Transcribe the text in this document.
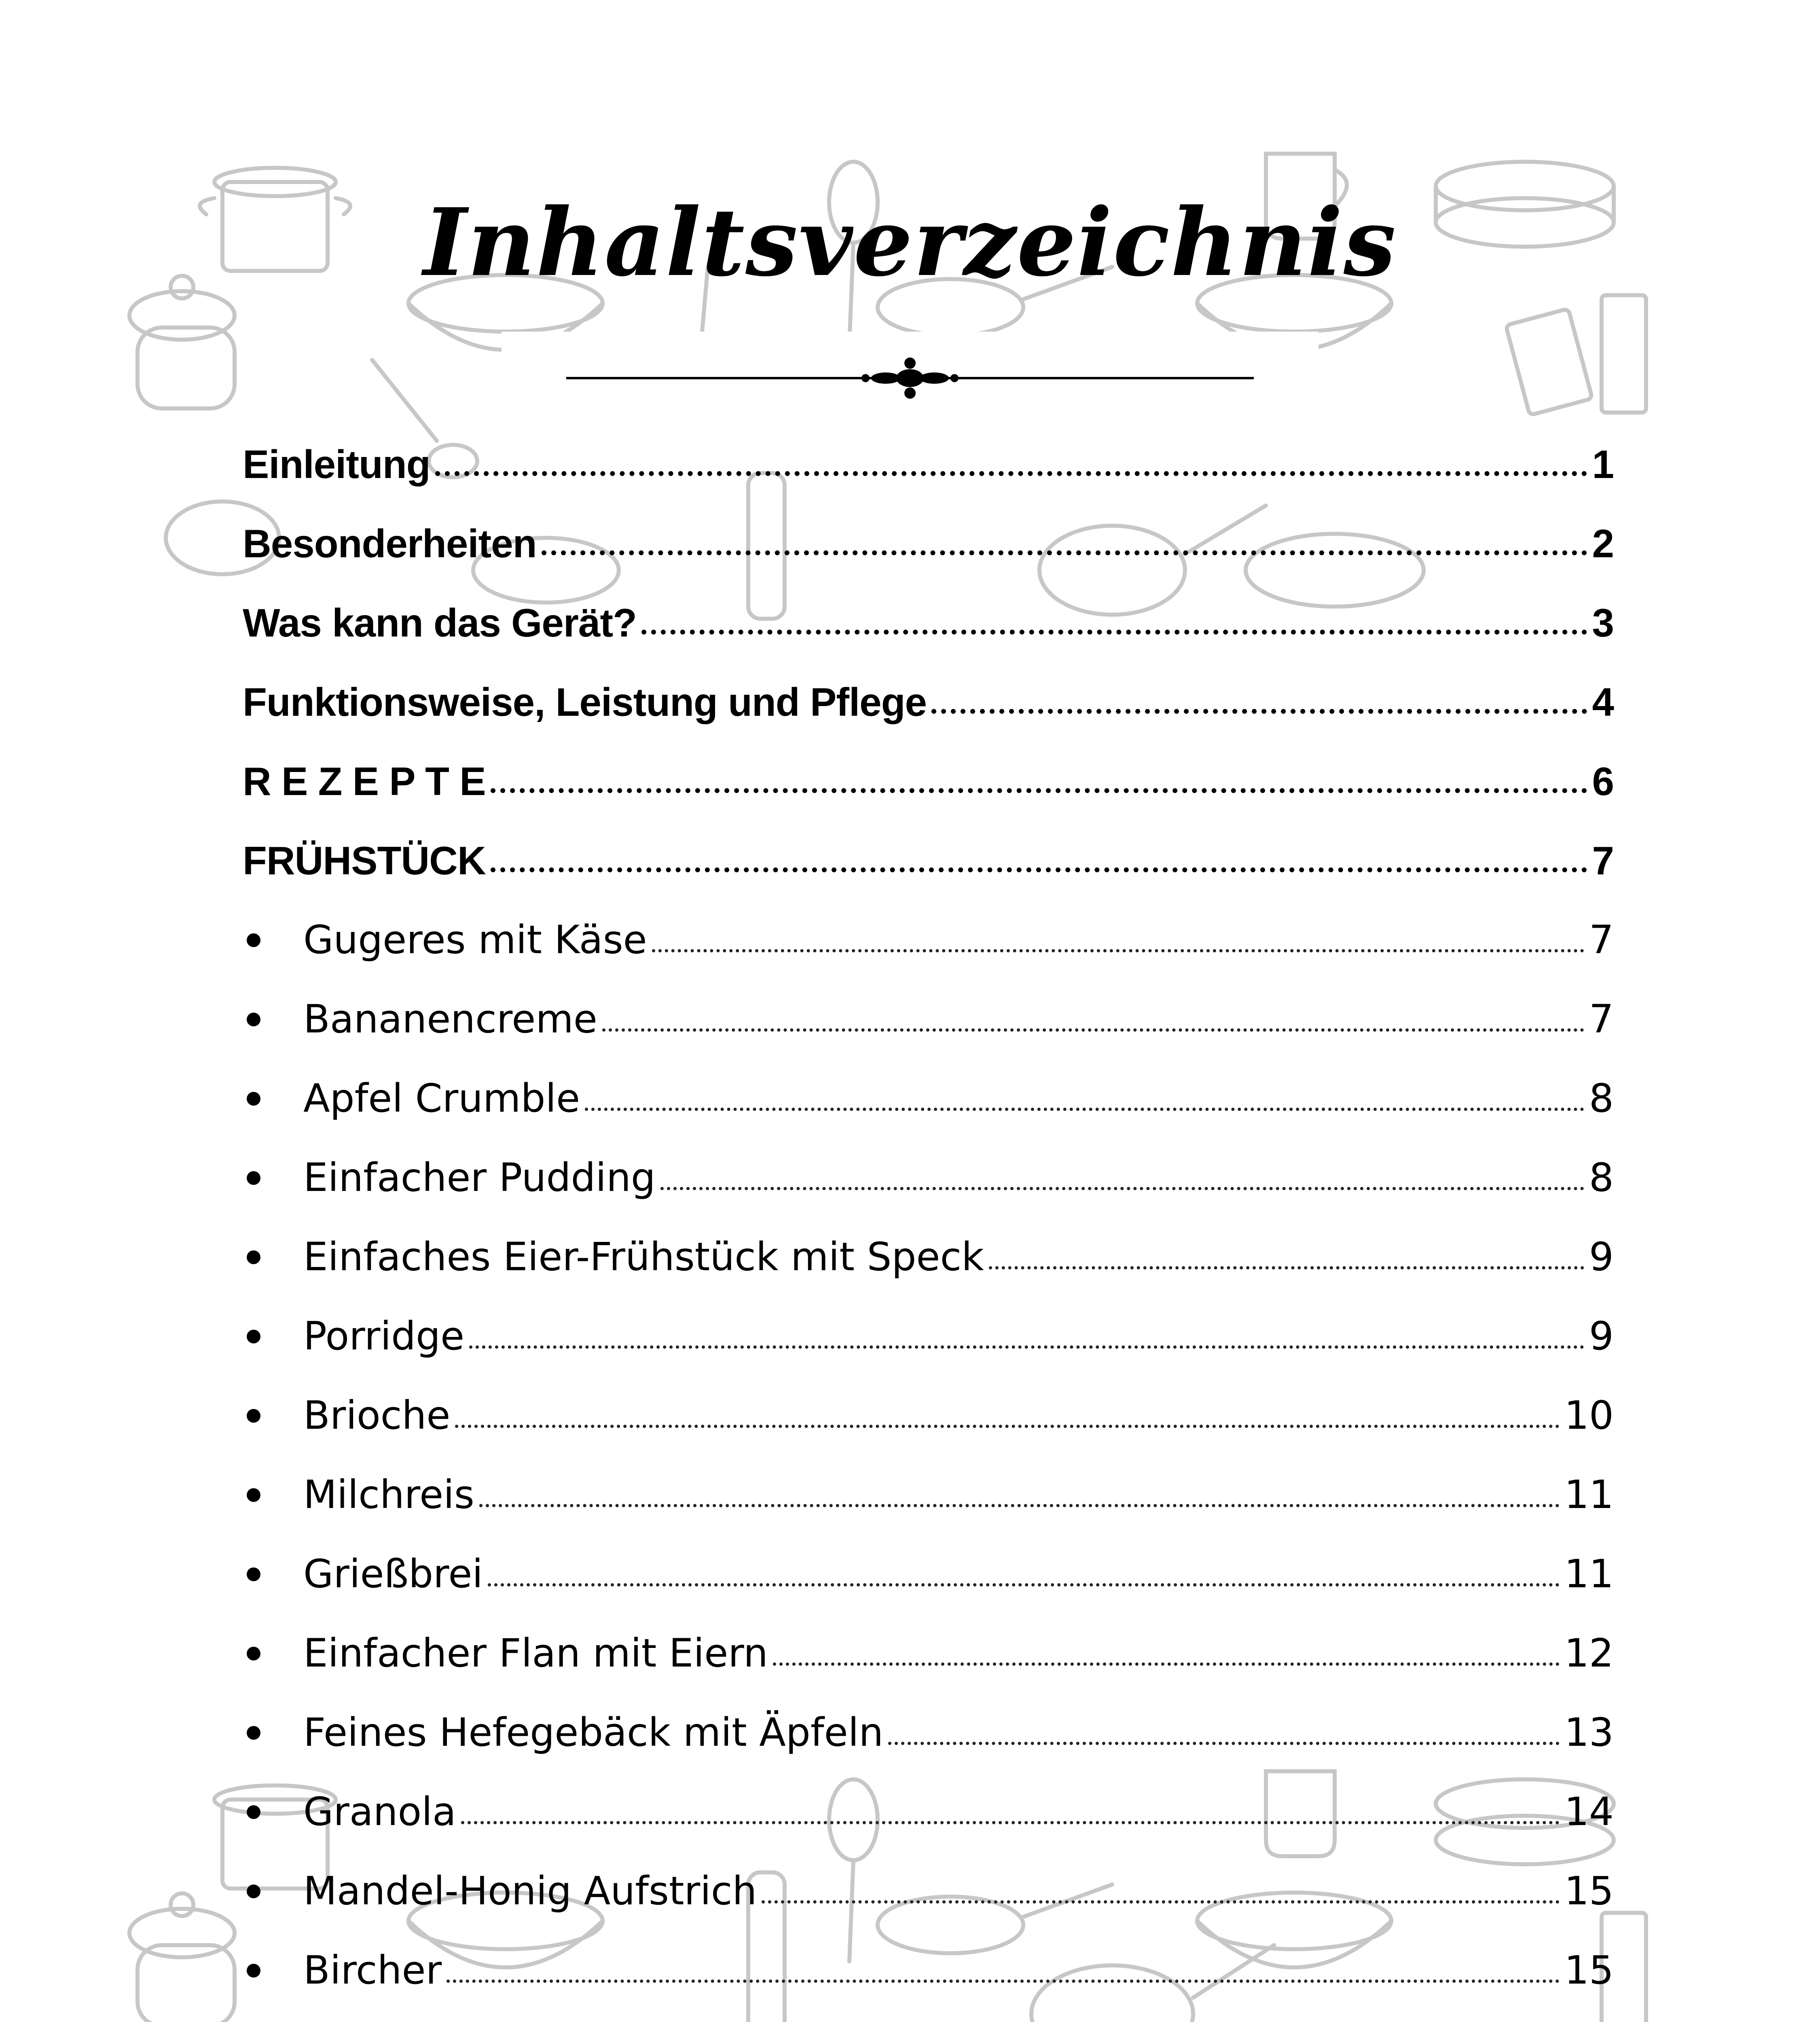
Inhaltsverzeichnis
Einleitung	1
Besonderheiten	2
Was kann das Gerät?	3
Funktionsweise, Leistung und Pflege	4
R E Z E P T E	6
FRÜHSTÜCK	7
Gugeres mit Käse	7
Bananencreme	7
Apfel Crumble	8
Einfacher Pudding	8
Einfaches Eier-Frühstück mit Speck	9
Porridge	9
Brioche	10
Milchreis	11
Grießbrei	11
Einfacher Flan mit Eiern	12
Feines Hefegebäck mit Äpfeln	13
Granola	14
Mandel-Honig Aufstrich	15
Bircher	15
